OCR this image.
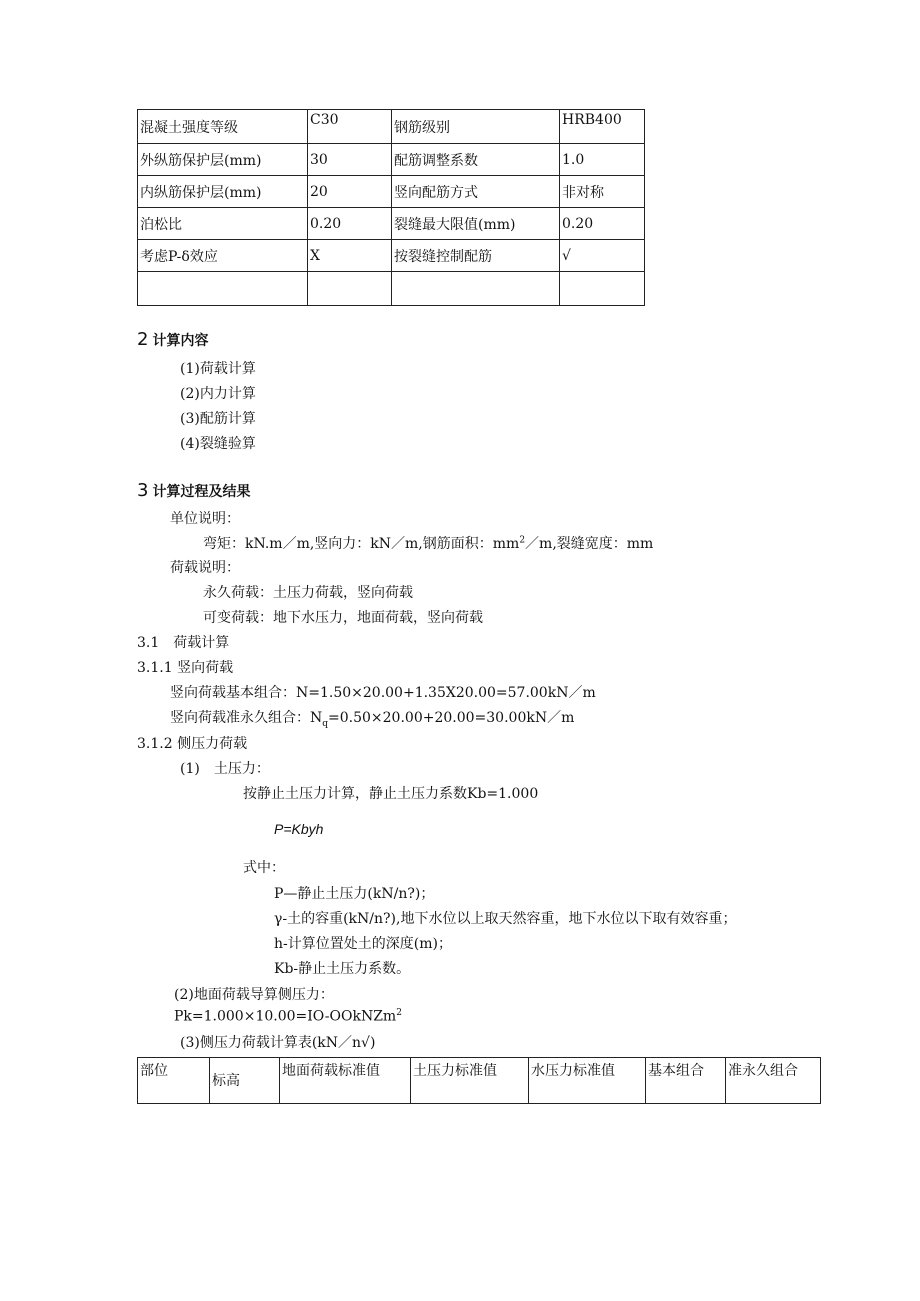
混凝土强度等级	C30	钢筋级别	HRB400
外纵筋保护层(mm)	30	配筋调整系数	1.0
内纵筋保护层(mm)	20	竖向配筋方式	非对称
泊松比	0.20	裂缝最大限值(mm)	0.20
考虑P-δ效应	X	按裂缝控制配筋	√

2 计算内容
(1)荷载计算
(2)内力计算
(3)配筋计算
(4)裂缝验算
3 计算过程及结果
单位说明：
弯矩：kN.m／m,竖向力：kN／m,钢筋面积：$mm^2/m$,裂缝宽度：mm
荷载说明：
永久荷载：土压力荷载，竖向荷载
可变荷载：地下水压力，地面荷载，竖向荷载
3.1　荷载计算
3.1.1 竖向荷载
竖向荷载基本组合：N=1.50×20.00+1.35X20.00=57.00kN／m
竖向荷载准永久组合：$N_q=0.50\times 20.00+20.00=30.00kN/m$
3.1.2 侧压力荷载
(1)　土压力：
按静止土压力计算，静止土压力系数Kb=1.000
P=Kbyh
式中：
P—静止土压力(kN/n?)；
γ-土的容重(kN/n?),地下水位以上取天然容重，地下水位以下取有效容重；
h-计算位置处土的深度(m)；
Kb-静止土压力系数。
(2)地面荷载导算侧压力：
Pk=1.000×10.00=IO-OOkNZm$^2$
(3)侧压力荷载计算表(kN／n√)
部位	标高	地面荷载标准值	土压力标准值	水压力标准值	基本组合	准永久组合
